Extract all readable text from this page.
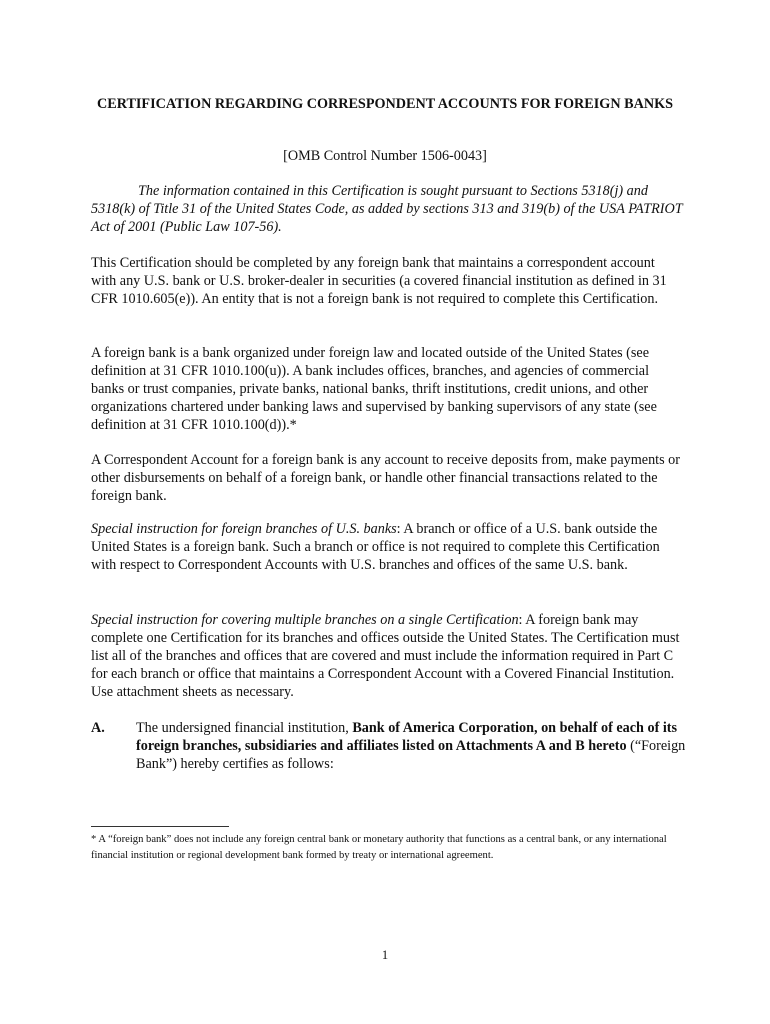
CERTIFICATION REGARDING CORRESPONDENT ACCOUNTS FOR FOREIGN BANKS

[OMB Control Number 1506-0043]

The information contained in this Certification is sought pursuant to Sections 5318(j) and 5318(k) of Title 31 of the United States Code, as added by sections 313 and 319(b) of the USA PATRIOT Act of 2001 (Public Law 107-56).

This Certification should be completed by any foreign bank that maintains a correspondent account with any U.S. bank or U.S. broker-dealer in securities (a covered financial institution as defined in 31 CFR 1010.605(e)). An entity that is not a foreign bank is not required to complete this Certification.

A foreign bank is a bank organized under foreign law and located outside of the United States (see definition at 31 CFR 1010.100(u)). A bank includes offices, branches, and agencies of commercial banks or trust companies, private banks, national banks, thrift institutions, credit unions, and other organizations chartered under banking laws and supervised by banking supervisors of any state (see definition at 31 CFR 1010.100(d)).*

A Correspondent Account for a foreign bank is any account to receive deposits from, make payments or other disbursements on behalf of a foreign bank, or handle other financial transactions related to the foreign bank.

Special instruction for foreign branches of U.S. banks: A branch or office of a U.S. bank outside the United States is a foreign bank. Such a branch or office is not required to complete this Certification with respect to Correspondent Accounts with U.S. branches and offices of the same U.S. bank.

Special instruction for covering multiple branches on a single Certification: A foreign bank may complete one Certification for its branches and offices outside the United States. The Certification must list all of the branches and offices that are covered and must include the information required in Part C for each branch or office that maintains a Correspondent Account with a Covered Financial Institution. Use attachment sheets as necessary.

A. The undersigned financial institution, Bank of America Corporation, on behalf of each of its foreign branches, subsidiaries and affiliates listed on Attachments A and B hereto (“Foreign Bank”) hereby certifies as follows:

* A “foreign bank” does not include any foreign central bank or monetary authority that functions as a central bank, or any international financial institution or regional development bank formed by treaty or international agreement.

1
